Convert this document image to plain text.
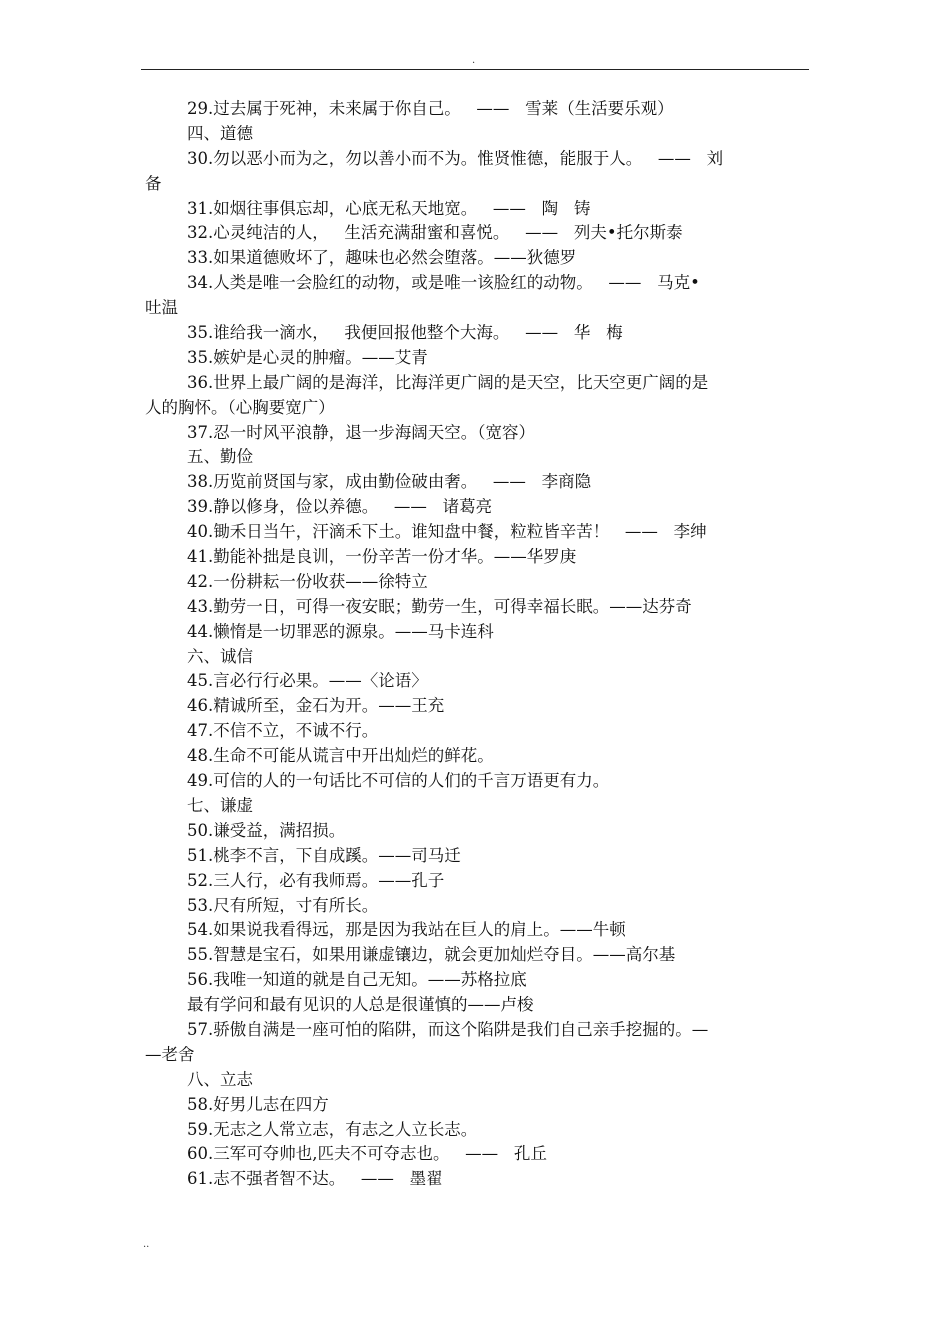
.
29.过去属于死神，未来属于你自己。   ——   雪莱（生活要乐观）
四、道德
30.勿以恶小而为之，勿以善小而不为。惟贤惟德，能服于人。   ——   刘
备
31.如烟往事俱忘却，心底无私天地宽。   ——   陶   铸
32.心灵纯洁的人，   生活充满甜蜜和喜悦。   ——   列夫•托尔斯泰
33.如果道德败坏了，趣味也必然会堕落。——狄德罗
34.人类是唯一会脸红的动物，或是唯一该脸红的动物。   ——   马克•
吐温
35.谁给我一滴水，   我便回报他整个大海。   ——   华   梅
35.嫉妒是心灵的肿瘤。——艾青
36.世界上最广阔的是海洋，比海洋更广阔的是天空，比天空更广阔的是
人的胸怀。（心胸要宽广）
37.忍一时风平浪静，退一步海阔天空。（宽容）
五、勤俭
38.历览前贤国与家，成由勤俭破由奢。   ——   李商隐
39.静以修身，俭以养德。   ——   诸葛亮
40.锄禾日当午，汗滴禾下土。谁知盘中餐，粒粒皆辛苦！   ——   李绅
41.勤能补拙是良训，一份辛苦一份才华。——华罗庚
42.一份耕耘一份收获——徐特立
43.勤劳一日，可得一夜安眠；勤劳一生，可得幸福长眠。——达芬奇
44.懒惰是一切罪恶的源泉。——马卡连科
六、诚信
45.言必行行必果。——〈论语〉
46.精诚所至，金石为开。——王充
47.不信不立，不诚不行。
48.生命不可能从谎言中开出灿烂的鲜花。
49.可信的人的一句话比不可信的人们的千言万语更有力。
七、谦虚
50.谦受益，满招损。
51.桃李不言，下自成蹊。——司马迁
52.三人行，必有我师焉。——孔子
53.尺有所短，寸有所长。
54.如果说我看得远，那是因为我站在巨人的肩上。——牛顿
55.智慧是宝石，如果用谦虚镶边，就会更加灿烂夺目。——高尔基
56.我唯一知道的就是自己无知。——苏格拉底
最有学问和最有见识的人总是很谨慎的——卢梭
57.骄傲自满是一座可怕的陷阱，而这个陷阱是我们自己亲手挖掘的。—
—老舍
八、立志
58.好男儿志在四方
59.无志之人常立志，有志之人立长志。
60.三军可夺帅也,匹夫不可夺志也。   ——   孔丘
61.志不强者智不达。   ——   墨翟
..
